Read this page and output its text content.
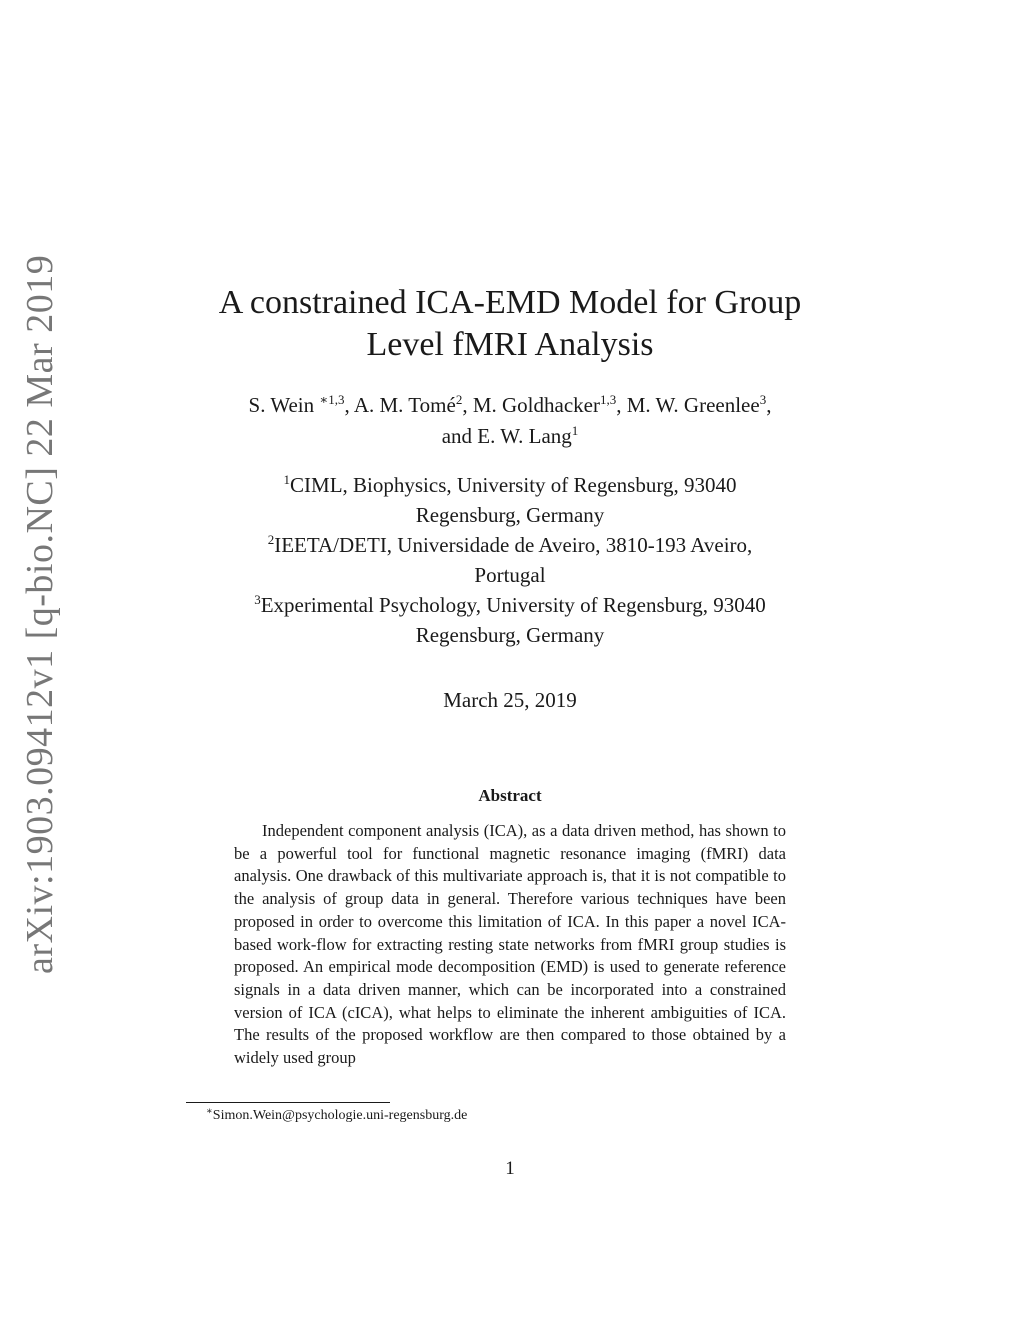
arXiv:1903.09412v1 [q-bio.NC] 22 Mar 2019	A constrained ICA-EMD Model for Group
Level fMRI Analysis
S. Wein $^{∗1,3}$, A. M. Tomé$^2$, M. Goldhacker$^{1,3}$, M. W. Greenlee$^3$,
and E. W. Lang$^1$
$^1$CIML, Biophysics, University of Regensburg, 93040
Regensburg, Germany
$^2$IEETA/DETI, Universidade de Aveiro, 3810-193 Aveiro,
Portugal
$^3$Experimental Psychology, University of Regensburg, 93040
Regensburg, Germany
March 25, 2019
Abstract

Independent component analysis (ICA), as a data driven method, has shown to be a powerful tool for functional magnetic resonance imaging (fMRI) data analysis. One drawback of this multivariate approach is, that it is not compatible to the analysis of group data in general. Therefore various techniques have been proposed in order to overcome this limitation of ICA. In this paper a novel ICA-based work-flow for extracting resting state networks from fMRI group studies is proposed. An empirical mode decomposition (EMD) is used to generate reference signals in a data driven manner, which can be incorporated into a constrained version of ICA (cICA), what helps to eliminate the inherent ambiguities of ICA. The results of the proposed workflow are then compared to those obtained by a widely used group

∗Simon.Wein@psychologie.uni-regensburg.de
1
